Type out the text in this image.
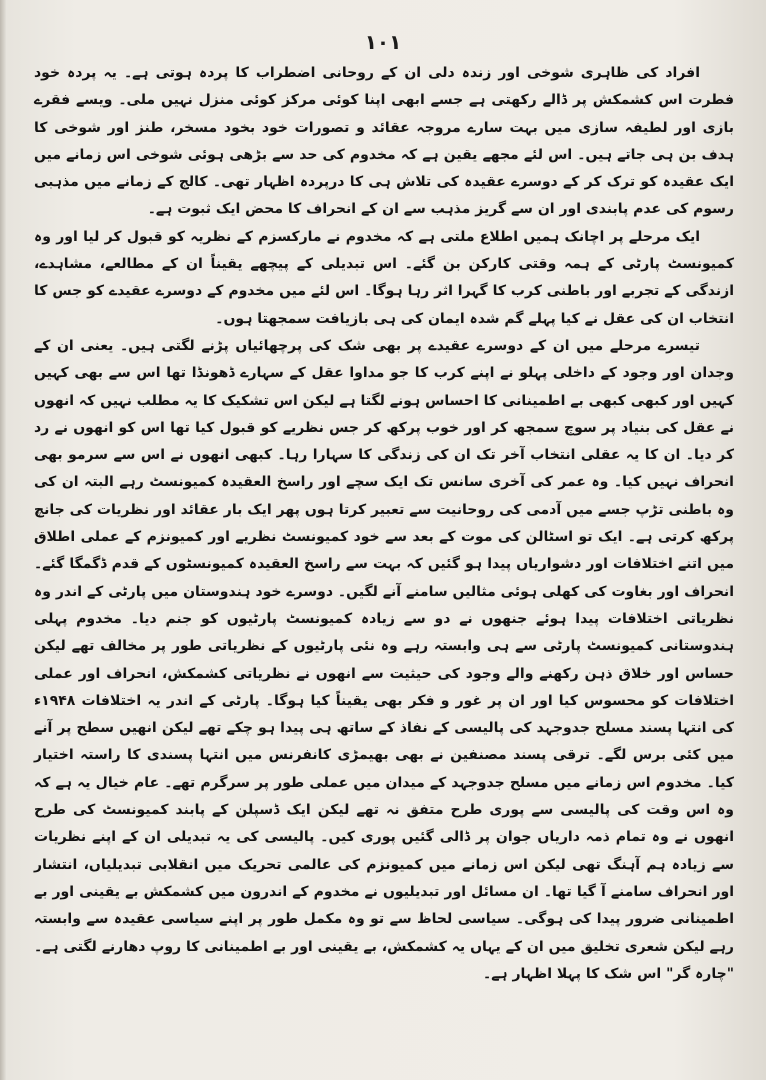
۱۰۱

افراد کی ظاہری شوخی اور زندہ دلی ان کے روحانی اضطراب کا پردہ ہوتی ہے۔ یہ پردہ خود فطرت اس کشمکش پر ڈالے رکھتی ہے جسے ابھی اپنا کوئی مرکز کوئی منزل نہیں ملی۔ ویسے فقرے بازی اور لطیفہ سازی میں بہت سارے مروجہ عقائد و تصورات خود بخود مسخر، طنز اور شوخی کا ہدف بن ہی جاتے ہیں۔ اس لئے مجھے یقین ہے کہ مخدوم کی حد سے بڑھی ہوئی شوخی اس زمانے میں ایک عقیدہ کو ترک کر کے دوسرے عقیدہ کی تلاش ہی کا درپردہ اظہار تھی۔ کالج کے زمانے میں مذہبی رسوم کی عدم پابندی اور ان سے گریز مذہب سے ان کے انحراف کا محض ایک ثبوت ہے۔

ایک مرحلے پر اچانک ہمیں اطلاع ملتی ہے کہ مخدوم نے مارکسزم کے نظریہ کو قبول کر لیا اور وہ کمیونسٹ پارٹی کے ہمہ وقتی کارکن بن گئے۔ اس تبدیلی کے پیچھے یقیناً ان کے مطالعے، مشاہدے، ازندگی کے تجربے اور باطنی کرب کا گہرا اثر رہا ہوگا۔ اس لئے میں مخدوم کے دوسرے عقیدے کو جس کا انتخاب ان کی عقل نے کیا پہلے گم شدہ ایمان کی ہی بازیافت سمجھتا ہوں۔

تیسرے مرحلے میں ان کے دوسرے عقیدے پر بھی شک کی پرچھائیاں پڑنے لگتی ہیں۔ یعنی ان کے وجدان اور وجود کے داخلی پہلو نے اپنے کرب کا جو مداوا عقل کے سہارے ڈھونڈا تھا اس سے بھی کہیں کہیں اور کبھی کبھی بے اطمینانی کا احساس ہونے لگتا ہے لیکن اس تشکیک کا یہ مطلب نہیں کہ انھوں نے عقل کی بنیاد پر سوچ سمجھ کر اور خوب پرکھ کر جس نظریے کو قبول کیا تھا اس کو انھوں نے رد کر دیا۔ ان کا یہ عقلی انتخاب آخر تک ان کی زندگی کا سہارا رہا۔ کبھی انھوں نے اس سے سرمو بھی انحراف نہیں کیا۔ وہ عمر کی آخری سانس تک ایک سچے اور راسخ العقیدہ کمیونسٹ رہے البتہ ان کی وہ باطنی تڑپ جسے میں آدمی کی روحانیت سے تعبیر کرتا ہوں پھر ایک بار عقائد اور نظریات کی جانچ پرکھ کرتی ہے۔ ایک تو اسٹالن کی موت کے بعد سے خود کمیونسٹ نظریے اور کمیونزم کے عملی اطلاق میں اتنے اختلافات اور دشواریاں پیدا ہو گئیں کہ بہت سے راسخ العقیدہ کمیونسٹوں کے قدم ڈگمگا گئے۔ انحراف اور بغاوت کی کھلی ہوئی مثالیں سامنے آنے لگیں۔ دوسرے خود ہندوستان میں پارٹی کے اندر وہ نظریاتی اختلافات پیدا ہوئے جنھوں نے دو سے زیادہ کمیونسٹ پارٹیوں کو جنم دیا۔ مخدوم پہلی ہندوستانی کمیونسٹ پارٹی سے ہی وابستہ رہے وہ نئی پارٹیوں کے نظریاتی طور پر مخالف تھے لیکن حساس اور خلاق ذہن رکھنے والے وجود کی حیثیت سے انھوں نے نظریاتی کشمکش، انحراف اور عملی اختلافات کو محسوس کیا اور ان پر غور و فکر بھی یقیناً کیا ہوگا۔ پارٹی کے اندر یہ اختلافات ۱۹۴۸ء کی انتہا پسند مسلح جدوجہد کی پالیسی کے نفاذ کے ساتھ ہی پیدا ہو چکے تھے لیکن انھیں سطح پر آنے میں کئی برس لگے۔ ترقی پسند مصنفین نے بھی بھیمڑی کانفرنس میں انتہا پسندی کا راستہ اختیار کیا۔ مخدوم اس زمانے میں مسلح جدوجہد کے میدان میں عملی طور پر سرگرم تھے۔ عام خیال یہ ہے کہ وہ اس وقت کی پالیسی سے پوری طرح متفق نہ تھے لیکن ایک ڈسپلن کے پابند کمیونسٹ کی طرح انھوں نے وہ تمام ذمہ داریاں جوان پر ڈالی گئیں پوری کیں۔ پالیسی کی یہ تبدیلی ان کے اپنے نظریات سے زیادہ ہم آہنگ تھی لیکن اس زمانے میں کمیونزم کی عالمی تحریک میں انقلابی تبدیلیاں، انتشار اور انحراف سامنے آ گیا تھا۔ ان مسائل اور تبدیلیوں نے مخدوم کے اندرون میں کشمکش بے یقینی اور بے اطمینانی ضرور پیدا کی ہوگی۔ سیاسی لحاظ سے تو وہ مکمل طور پر اپنے سیاسی عقیدہ سے وابستہ رہے لیکن شعری تخلیق میں ان کے یہاں یہ کشمکش، بے یقینی اور بے اطمینانی کا روپ دھارنے لگتی ہے۔ "چارہ گر" اس شک کا پہلا اظہار ہے۔
